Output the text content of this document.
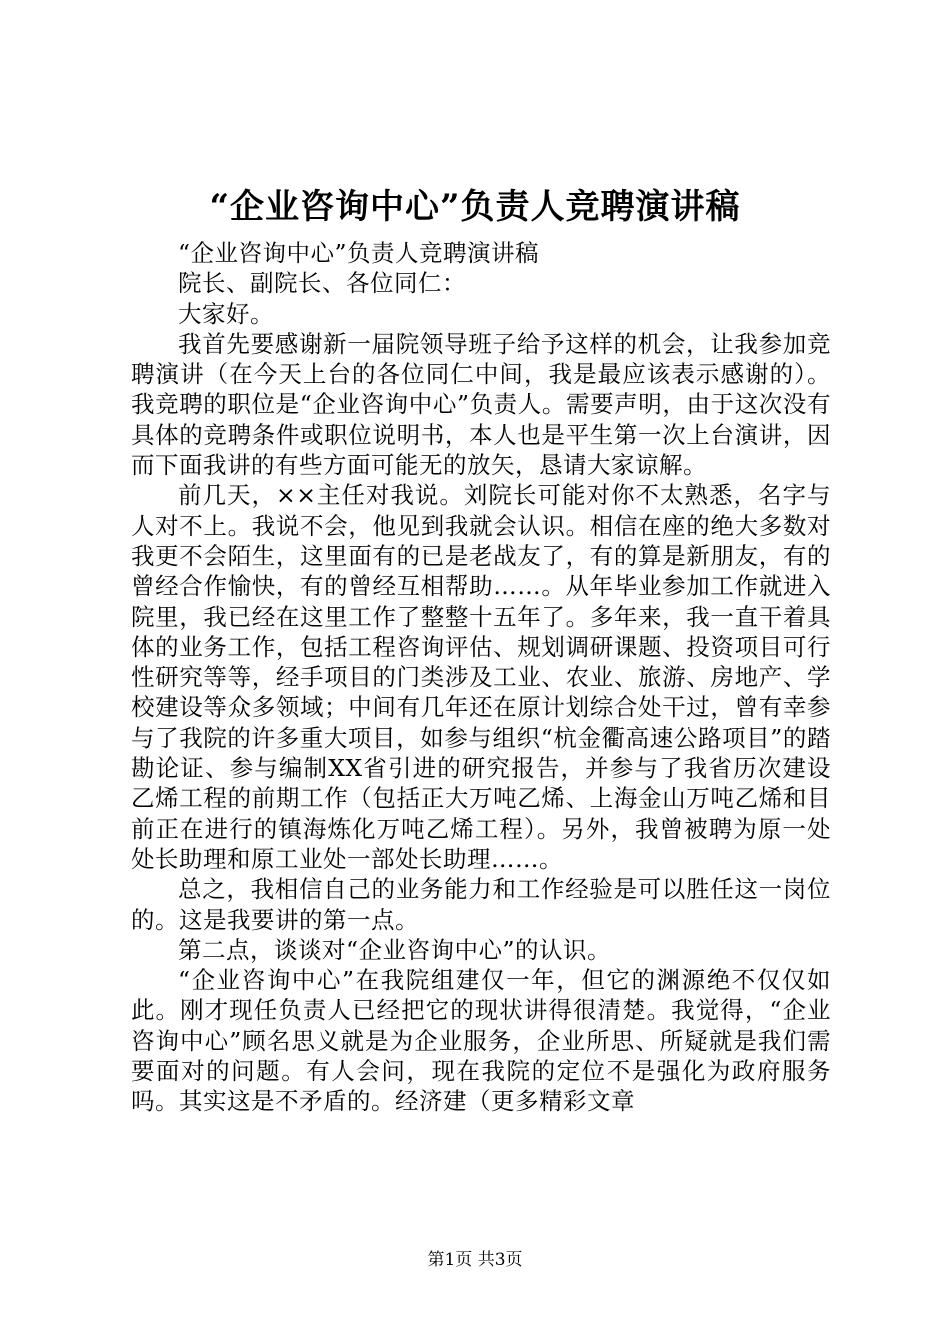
“企业咨询中心”负责人竞聘演讲稿

“企业咨询中心”负责人竞聘演讲稿

院长、副院长、各位同仁：

大家好。

我首先要感谢新一届院领导班子给予这样的机会，让我参加竞聘演讲（在今天上台的各位同仁中间，我是最应该表示感谢的）。我竞聘的职位是“企业咨询中心”负责人。需要声明，由于这次没有具体的竞聘条件或职位说明书，本人也是平生第一次上台演讲，因而下面我讲的有些方面可能无的放矢，恳请大家谅解。

前几天，××主任对我说。刘院长可能对你不太熟悉，名字与人对不上。我说不会，他见到我就会认识。相信在座的绝大多数对我更不会陌生，这里面有的已是老战友了，有的算是新朋友，有的曾经合作愉快，有的曾经互相帮助……。从年毕业参加工作就进入院里，我已经在这里工作了整整十五年了。多年来，我一直干着具体的业务工作，包括工程咨询评估、规划调研课题、投资项目可行性研究等等，经手项目的门类涉及工业、农业、旅游、房地产、学校建设等众多领域；中间有几年还在原计划综合处干过，曾有幸参与了我院的许多重大项目，如参与组织“杭金衢高速公路项目”的踏勘论证、参与编制XX省引进的研究报告，并参与了我省历次建设乙烯工程的前期工作（包括正大万吨乙烯、上海金山万吨乙烯和目前正在进行的镇海炼化万吨乙烯工程）。另外，我曾被聘为原一处处长助理和原工业处一部处长助理……。

总之，我相信自己的业务能力和工作经验是可以胜任这一岗位的。这是我要讲的第一点。

第二点，谈谈对“企业咨询中心”的认识。

“企业咨询中心”在我院组建仅一年，但它的渊源绝不仅仅如此。刚才现任负责人已经把它的现状讲得很清楚。我觉得，“企业咨询中心”顾名思义就是为企业服务，企业所思、所疑就是我们需要面对的问题。有人会问，现在我院的定位不是强化为政府服务吗。其实这是不矛盾的。经济建（更多精彩文章

第1页 共3页
